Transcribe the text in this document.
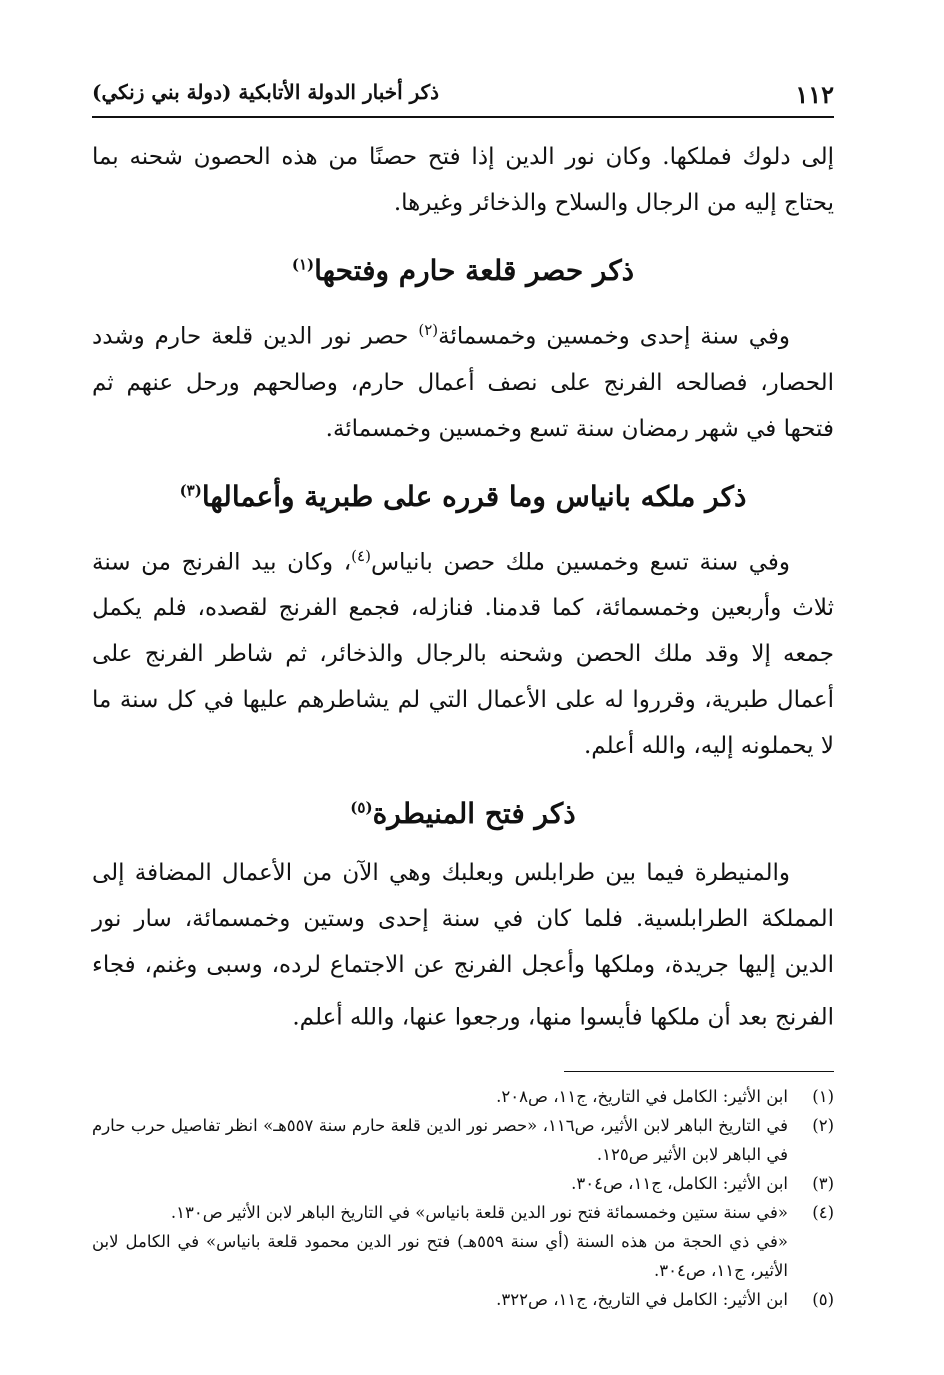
١١٢
ذكر أخبار الدولة الأتابكية (دولة بني زنكي)

إلى دلوك فملكها. وكان نور الدين إذا فتح حصنًا من هذه الحصون شحنه بما يحتاج إليه من الرجال والسلاح والذخائر وغيرها.

ذكر حصر قلعة حارم وفتحها$^{(١)}$

وفي سنة إحدى وخمسين وخمسمائة$^{(٢)}$ حصر نور الدين قلعة حارم وشدد الحصار، فصالحه الفرنج على نصف أعمال حارم، وصالحهم ورحل عنهم ثم فتحها في شهر رمضان سنة تسع وخمسين وخمسمائة.

ذكر ملكه بانياس وما قرره على طبرية وأعمالها$^{(٣)}$

وفي سنة تسع وخمسين ملك حصن بانياس$^{(٤)}$، وكان بيد الفرنج من سنة ثلاث وأربعين وخمسمائة، كما قدمنا. فنازله، فجمع الفرنج لقصده، فلم يكمل جمعه إلا وقد ملك الحصن وشحنه بالرجال والذخائر، ثم شاطر الفرنج على أعمال طبرية، وقرروا له على الأعمال التي لم يشاطرهم عليها في كل سنة ما لا يحملونه إليه، والله أعلم.

ذكر فتح المنيطرة$^{(٥)}$

والمنيطرة فيما بين طرابلس وبعلبك وهي الآن من الأعمال المضافة إلى المملكة الطرابلسية. فلما كان في سنة إحدى وستين وخمسمائة، سار نور الدين إليها جريدة، وملكها وأعجل الفرنج عن الاجتماع لرده، وسبى وغنم، فجاء الفرنج بعد أن ملكها فأيسوا منها، ورجعوا عنها، والله أعلم.

(١)
ابن الأثير: الكامل في التاريخ، ج١١، ص٢٠٨.
(٢)
في التاريخ الباهر لابن الأثير، ص١١٦، «حصر نور الدين قلعة حارم سنة ٥٥٧هـ» انظر تفاصيل حرب حارم في الباهر لابن الأثير ص١٢٥.
(٣)
ابن الأثير: الكامل، ج١١، ص٣٠٤.
(٤)
«في سنة ستين وخمسمائة فتح نور الدين قلعة بانياس» في التاريخ الباهر لابن الأثير ص١٣٠.
«في ذي الحجة من هذه السنة (أي سنة ٥٥٩هـ) فتح نور الدين محمود قلعة بانياس» في الكامل لابن الأثير، ج١١، ص٣٠٤.
(٥)
ابن الأثير: الكامل في التاريخ، ج١١، ص٣٢٢.
